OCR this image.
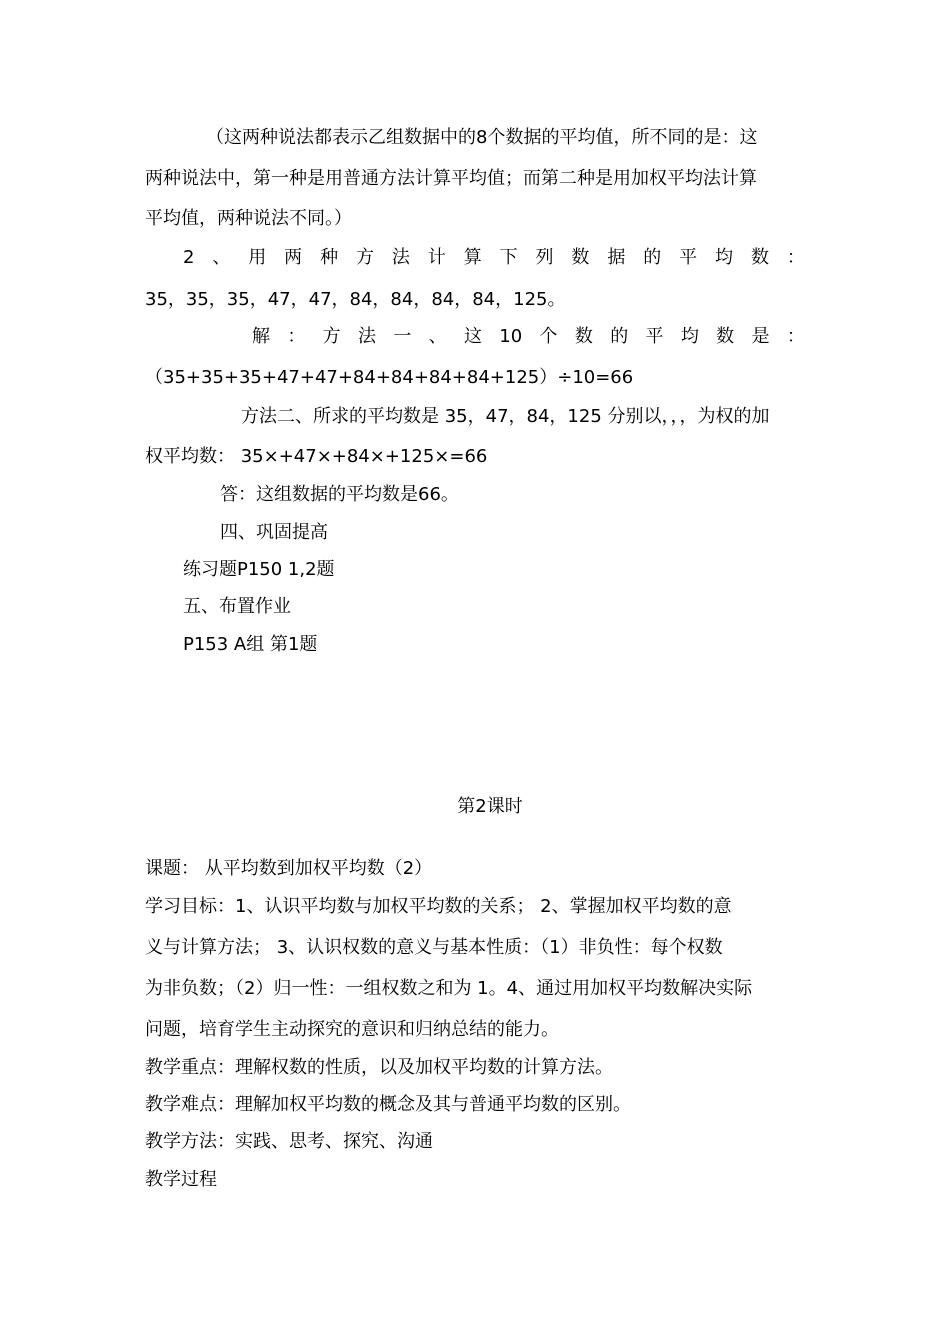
（这两种说法都表示乙组数据中的8个数据的平均值，所不同的是：这
两种说法中，第一种是用普通方法计算平均值；而第二种是用加权平均法计算
平均值，两种说法不同。）
2 、 用 两 种 方 法 计 算 下 列 数 据 的 平 均 数 ：
35，35，35，47，47，84，84，84，84，125。
解 ： 方 法 一 、 这 10 个 数 的 平 均 数 是 ：
（35+35+35+47+47+84+84+84+84+125）÷10=66
方法二、所求的平均数是 35，47，84，125 分别以，，，为权的加
权平均数： 35×+47×+84×+125×=66
答：这组数据的平均数是66。
四、巩固提高
练习题P150 1,2题
五、布置作业
P153 A组 第1题
第2课时
课题： 从平均数到加权平均数（2）
学习目标：1、认识平均数与加权平均数的关系； 2、掌握加权平均数的意
义与计算方法； 3、认识权数的意义与基本性质：（1）非负性：每个权数
为非负数；（2）归一性：一组权数之和为 1。4、通过用加权平均数解决实际
问题，培育学生主动探究的意识和归纳总结的能力。
教学重点：理解权数的性质，以及加权平均数的计算方法。
教学难点：理解加权平均数的概念及其与普通平均数的区别。
教学方法：实践、思考、探究、沟通
教学过程
